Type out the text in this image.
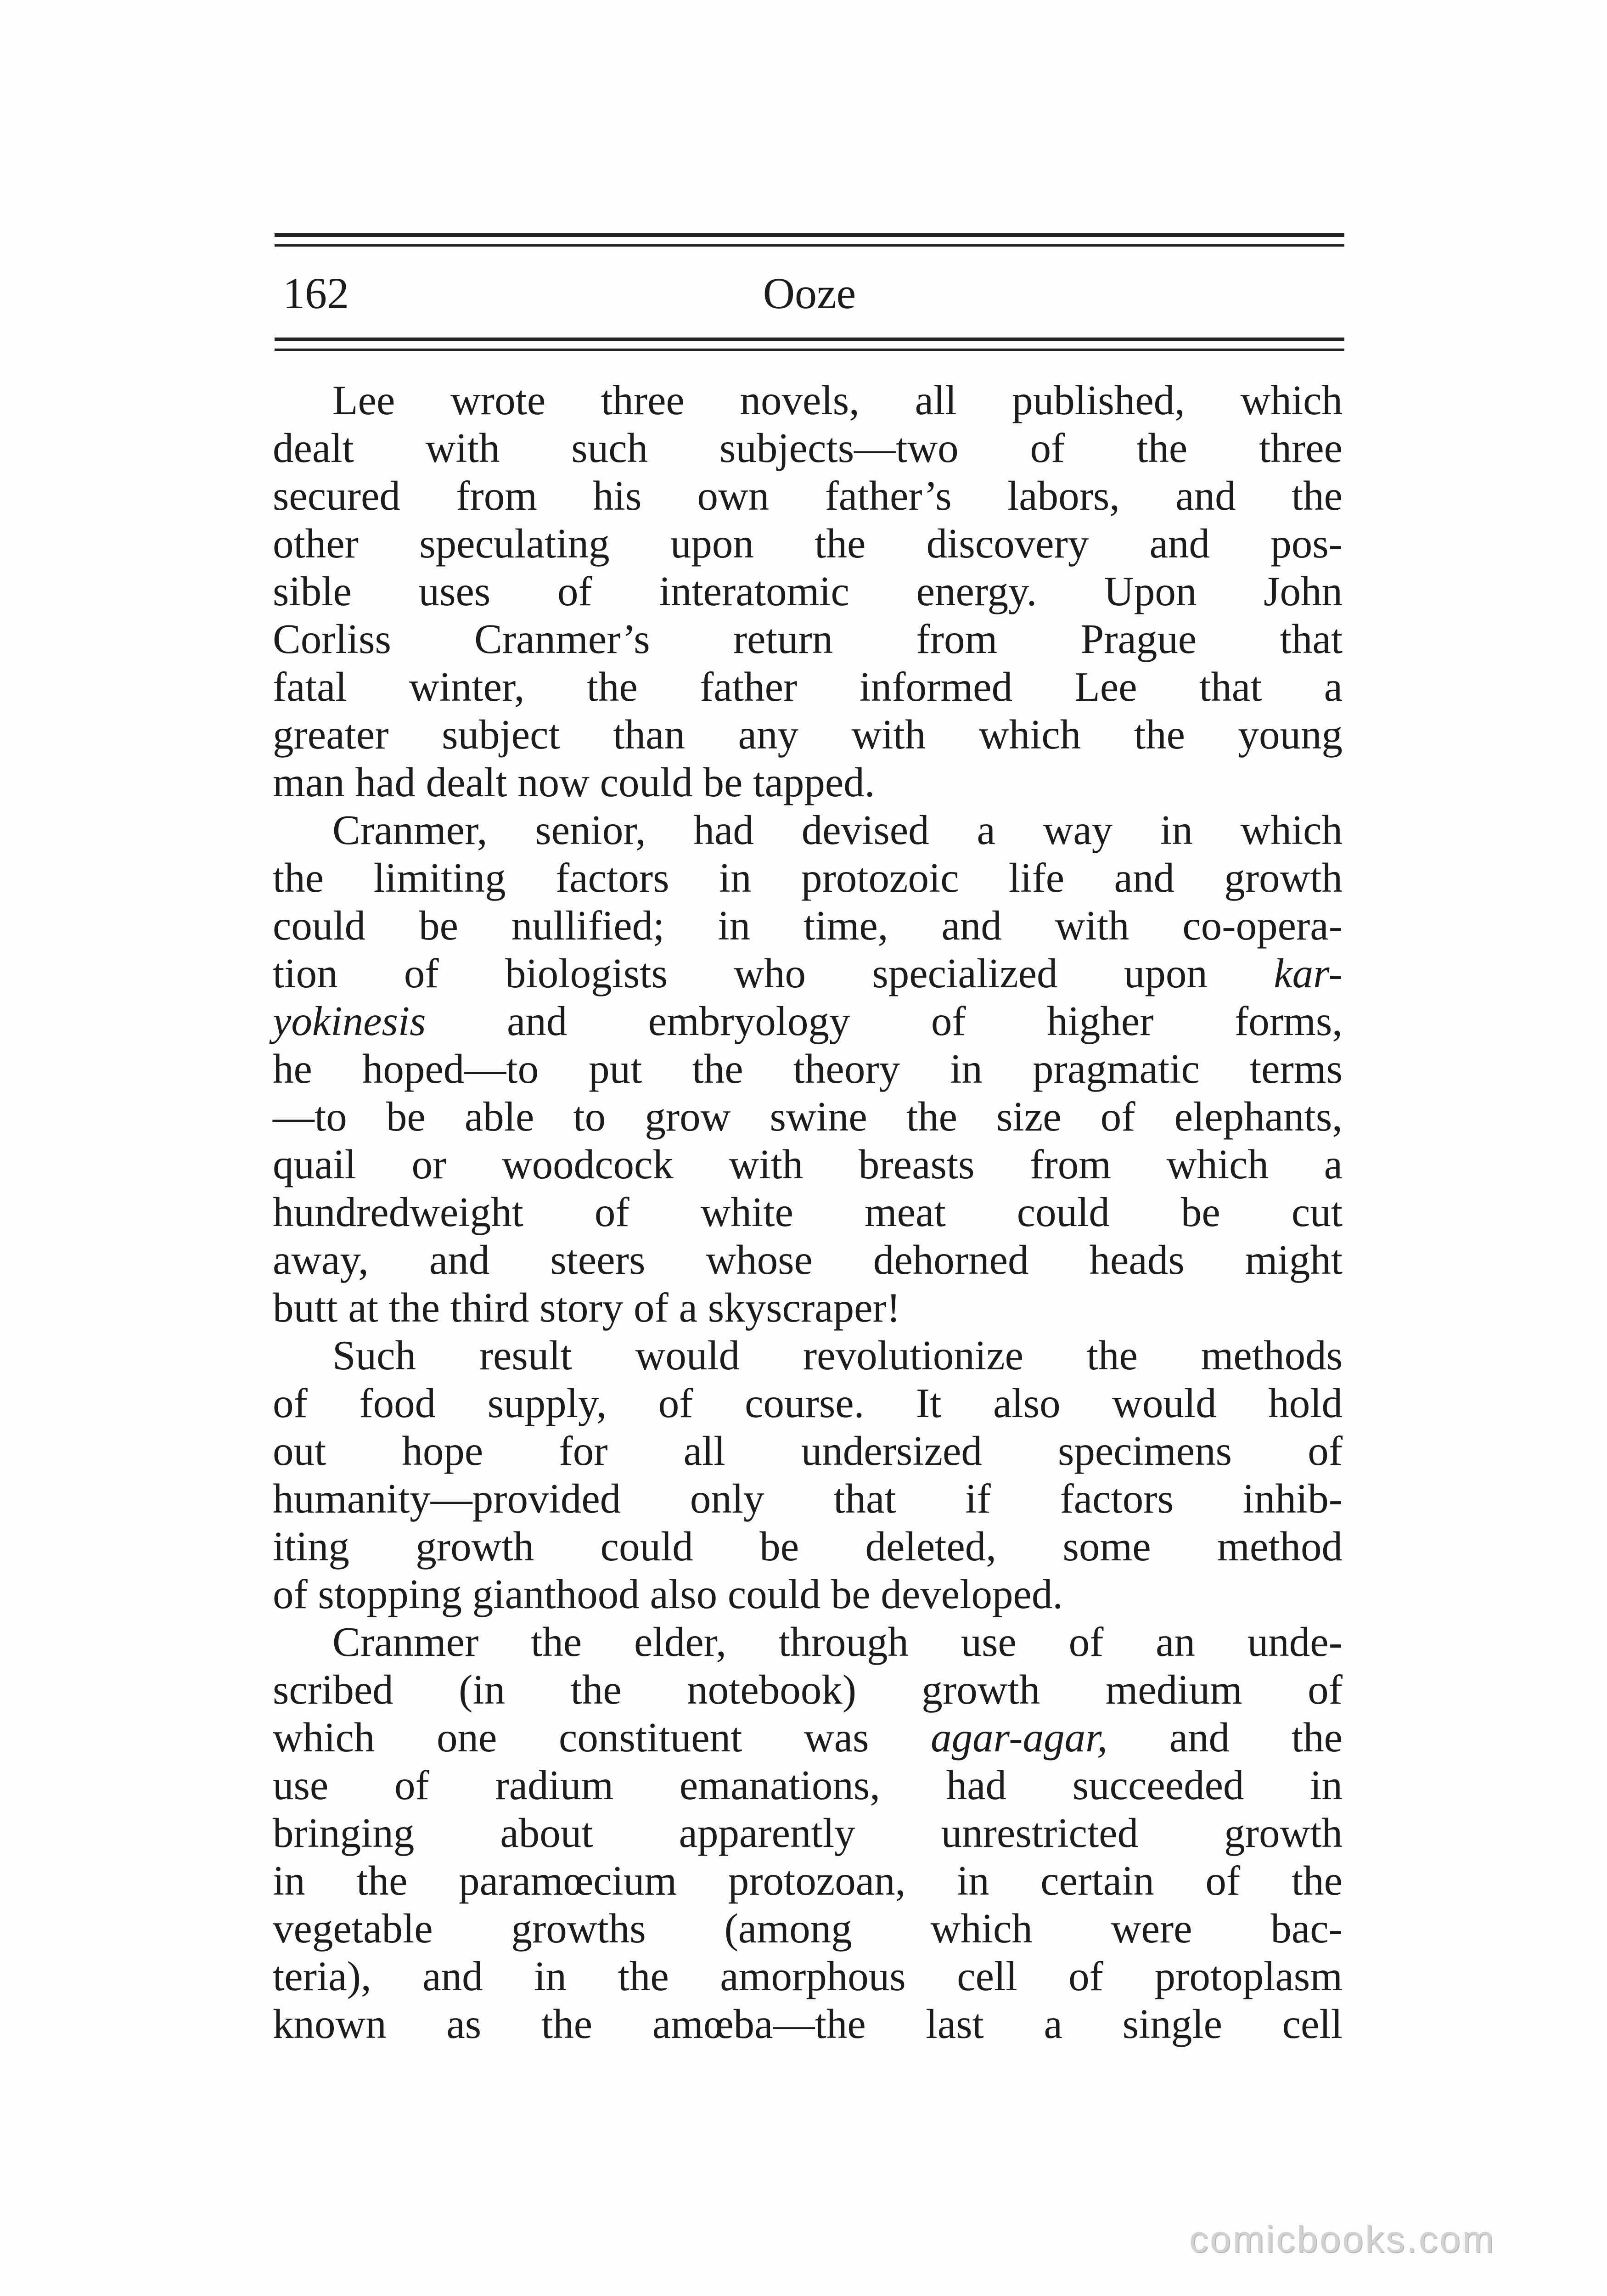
162	Ooze
Lee wrote three novels, all published, which
dealt with such subjects—two of the three
secured from his own father’s labors, and the
other speculating upon the discovery and pos-
sible uses of interatomic energy. Upon John
Corliss Cranmer’s return from Prague that
fatal winter, the father informed Lee that a
greater subject than any with which the young
man had dealt now could be tapped.
Cranmer, senior, had devised a way in which
the limiting factors in protozoic life and growth
could be nullified; in time, and with co-opera-
tion of biologists who specialized upon kar-
yokinesis and embryology of higher forms,
he hoped—to put the theory in pragmatic terms
—to be able to grow swine the size of elephants,
quail or woodcock with breasts from which a
hundredweight of white meat could be cut
away, and steers whose dehorned heads might
butt at the third story of a skyscraper!
Such result would revolutionize the methods
of food supply, of course. It also would hold
out hope for all undersized specimens of
humanity—provided only that if factors inhib-
iting growth could be deleted, some method
of stopping gianthood also could be developed.
Cranmer the elder, through use of an unde-
scribed (in the notebook) growth medium of
which one constituent was agar-agar, and the
use of radium emanations, had succeeded in
bringing about apparently unrestricted growth
in the paramœcium protozoan, in certain of the
vegetable growths (among which were bac-
teria), and in the amorphous cell of protoplasm
known as the amœba—the last a single cell
comicbooks.com
